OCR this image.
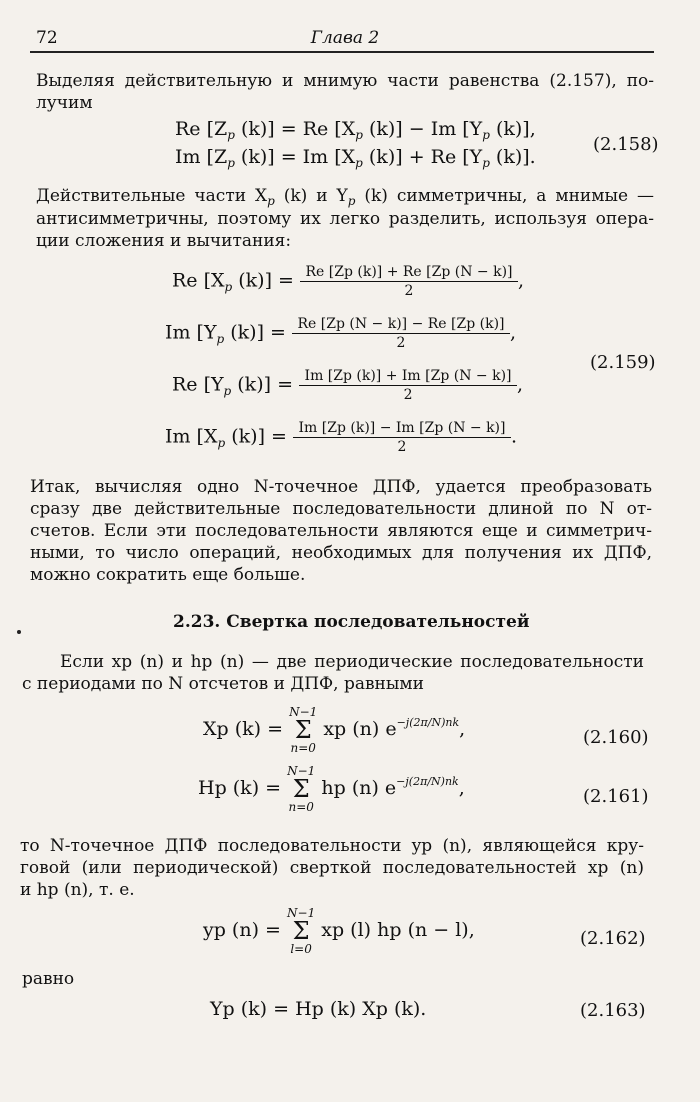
72	Глава 2
Выделяя действительную и мнимую части равенства (2.157), по-
лучим
Re [$Z_p$ (k)] = Re [$X_p$ (k)] − Im [$Y_p$ (k)],
Im [$Z_p$ (k)] = Im [$X_p$ (k)] + Re [$Y_p$ (k)].
(2.158)
Действительные части $X_p$ (k) и $Y_p$ (k) симметричны, а мнимые —
антисимметричны, поэтому их легко разделить, используя опера-
ции сложения и вычитания:
Re [$X_p$ $(k)] = \frac{Re [Zp (k)] + Re [Zp (N - k)]}{2}$ ,
Im [$Y_p$ $(k)] = \frac{Re [Zp (N - k)] - Re [Zp (k)]}{2}$ ,
Re [$Y_p$ $(k)] = \frac{Im [Zp (k)] + Im [Zp (N - k)]}{2}$ ,
Im [$X_p$ $(k)] = \frac{Im [Zp (k)] - Im [Zp (N - k)]}{2}$ .
(2.159)
Итак, вычисляя одно N-точечное ДПФ, удается преобразовать
сразу две действительные последовательности длиной по N от-
счетов. Если эти последовательности являются еще и симметрич-
ными, то число операций, необходимых для получения их ДПФ,
можно сократить еще больше.
2.23. Свертка последовательностей
Если xp (n) и hp (n) — две периодические последовательности
с периодами по N отсчетов и ДПФ, равными
Xp (k) =
N−1
Σ
n=0
xp (n) $e^{-j(2\pi/N)nk}$,	(2.160)
Hp (k) =
N−1
Σ
n=0
hp (n) $e^{-j(2\pi/N)nk}$,	(2.161)
то N-точечное ДПФ последовательности yp (n), являющейся кру-
говой (или периодической) сверткой последовательностей xp (n)
и hp (n), т. е.
yp (n) =
N−1
Σ
l=0
xp (l) hp (n − l),	(2.162)
равно
Yp (k) = Hp (k) Xp (k).	(2.163)
